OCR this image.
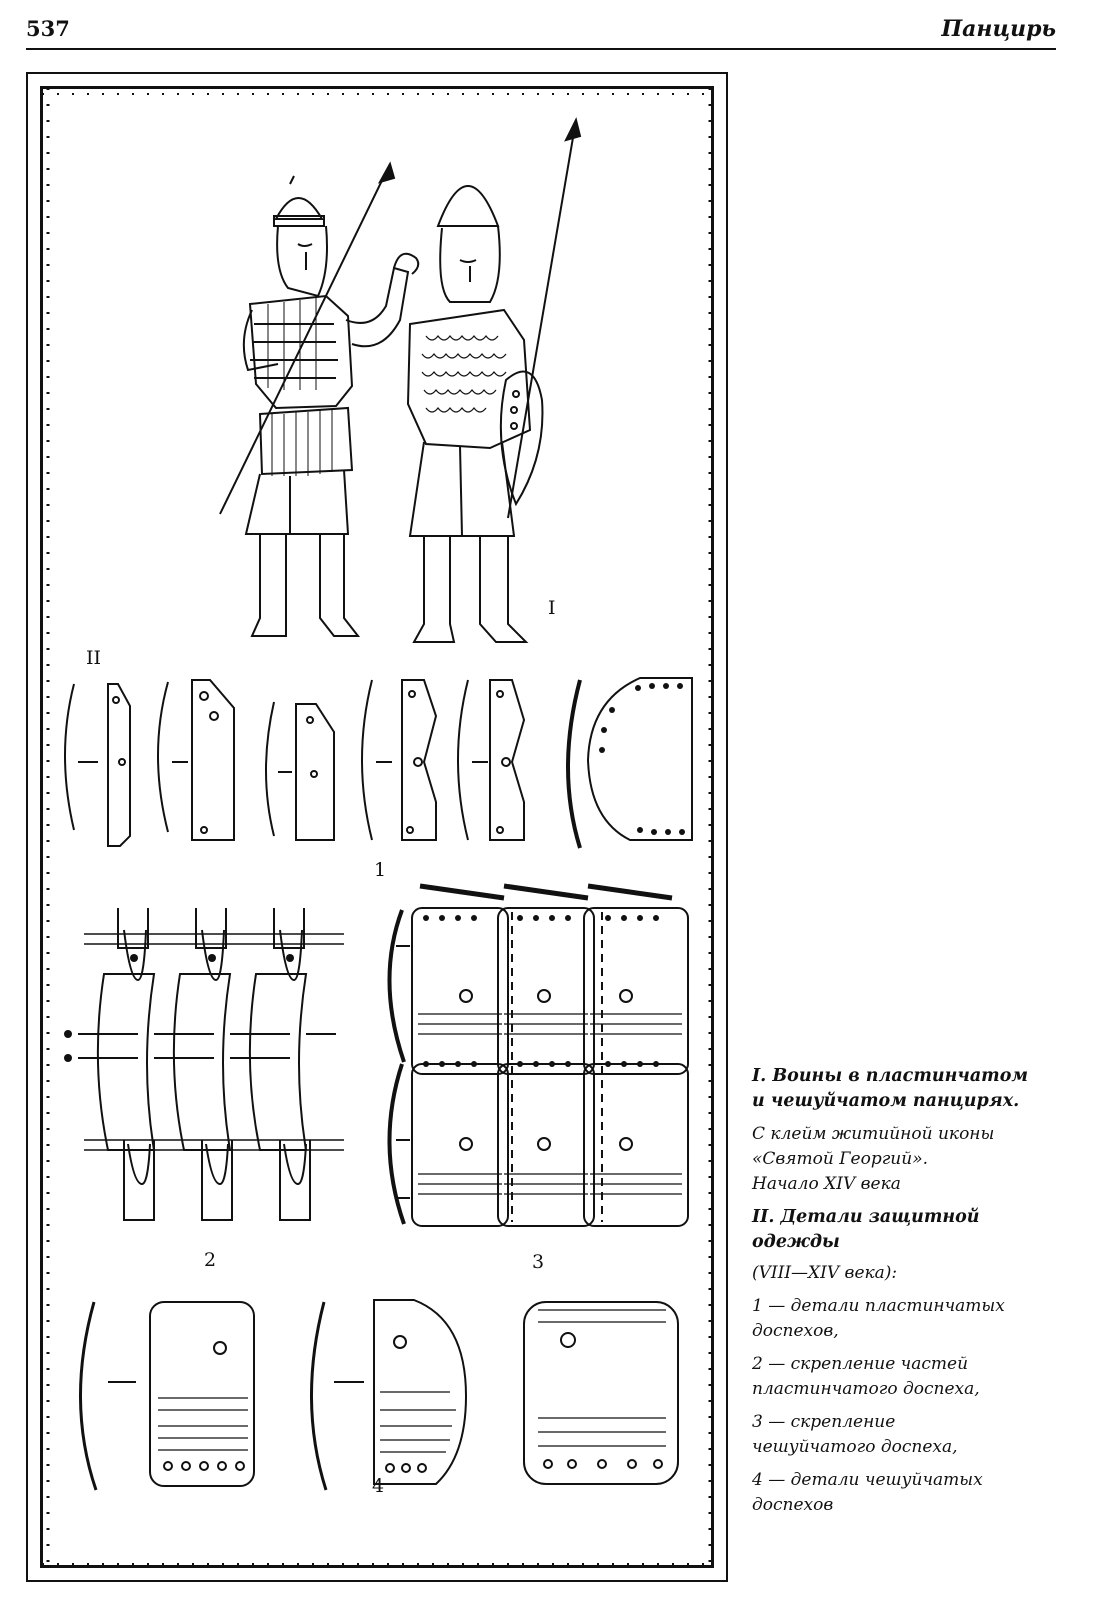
537	Панцирь
I
II
1
2	3
4
I. Воины в пластинчатом
и чешуйчатом панцирях.
С клейм житийной иконы
«Святой Георгий».
Начало XIV века
II. Детали защитной
одежды
(VIII—XIV века):
1 — детали пластинчатых
доспехов,
2 — скрепление частей
пластинчатого доспеха,
3 — скрепление
чешуйчатого доспеха,
4 — детали чешуйчатых
доспехов
